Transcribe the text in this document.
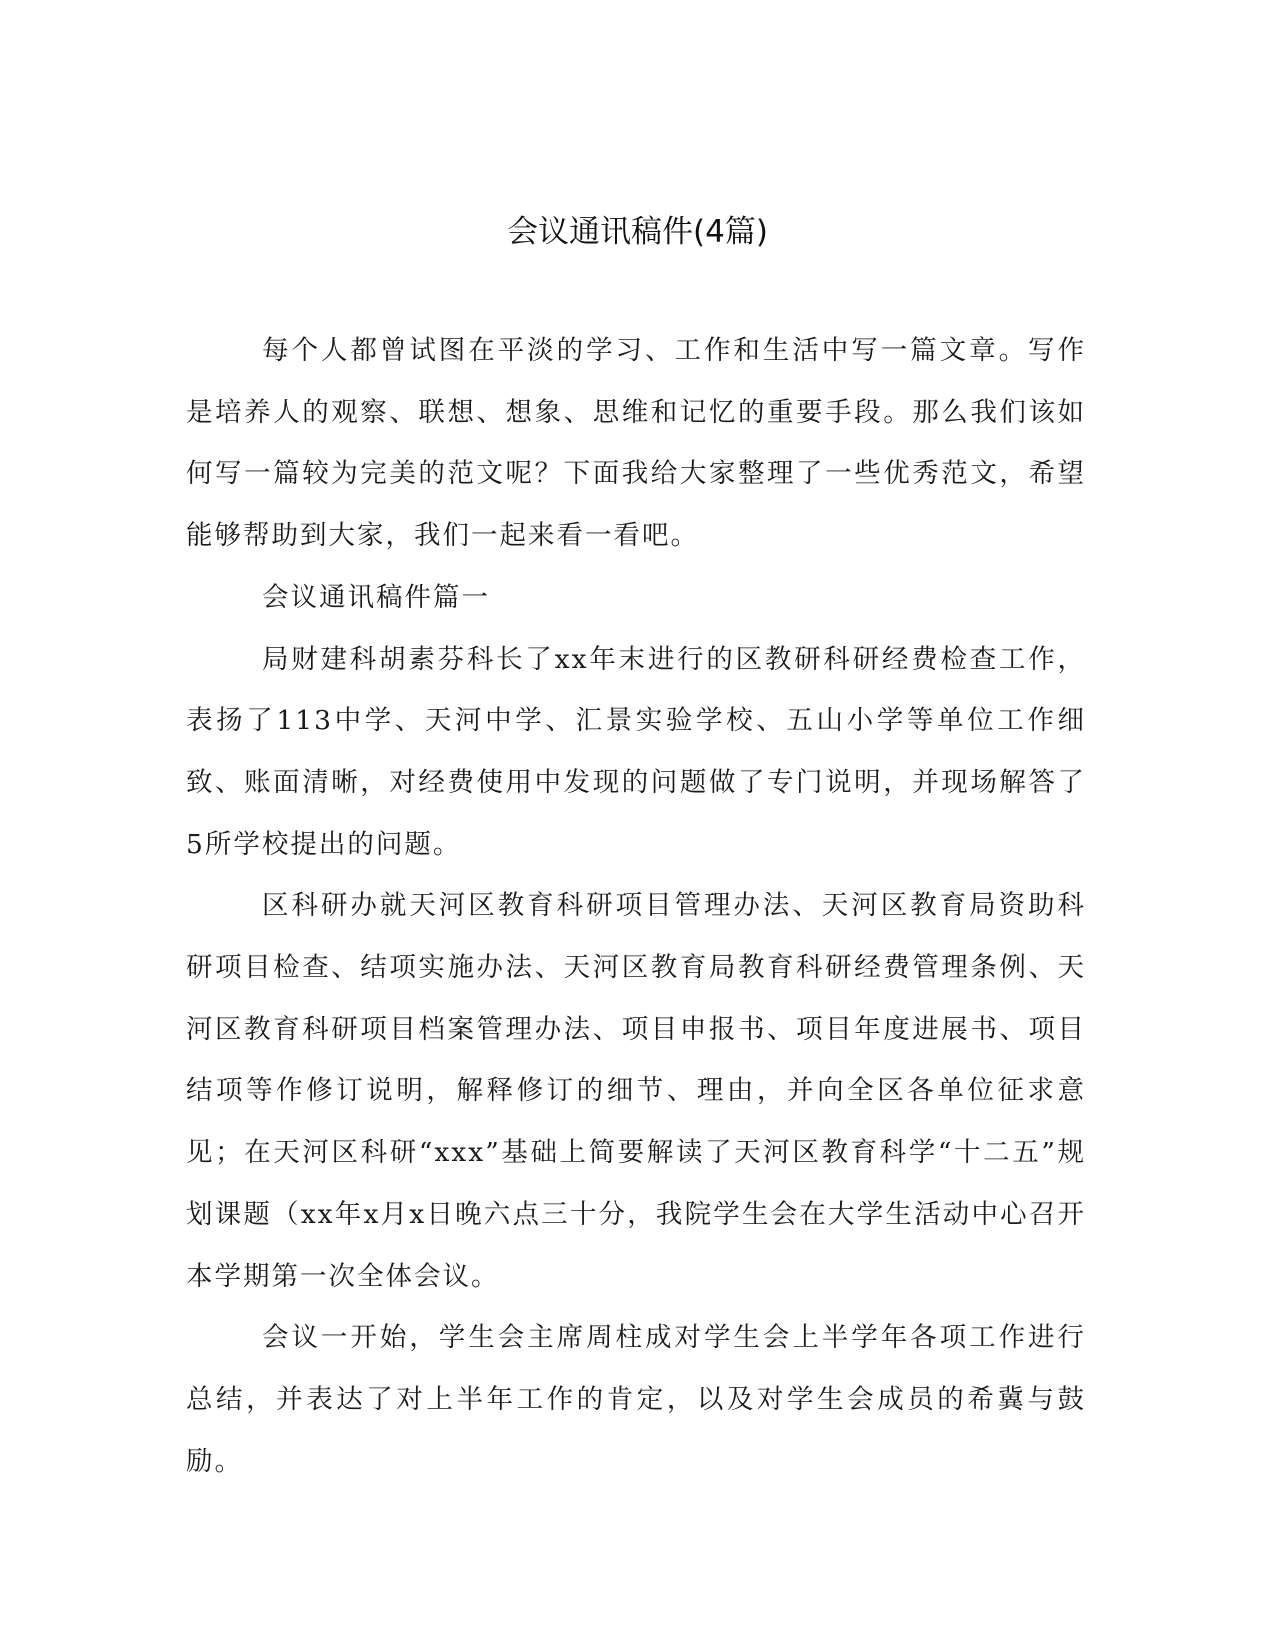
会议通讯稿件(4篇)

每个人都曾试图在平淡的学习、工作和生活中写一篇文章。写作是培养人的观察、联想、想象、思维和记忆的重要手段。那么我们该如何写一篇较为完美的范文呢？下面我给大家整理了一些优秀范文，希望能够帮助到大家，我们一起来看一看吧。

会议通讯稿件篇一

局财建科胡素芬科长了xx年末进行的区教研科研经费检查工作，表扬了113中学、天河中学、汇景实验学校、五山小学等单位工作细致、账面清晰，对经费使用中发现的问题做了专门说明，并现场解答了5所学校提出的问题。

区科研办就天河区教育科研项目管理办法、天河区教育局资助科研项目检查、结项实施办法、天河区教育局教育科研经费管理条例、天河区教育科研项目档案管理办法、项目申报书、项目年度进展书、项目结项等作修订说明，解释修订的细节、理由，并向全区各单位征求意见；在天河区科研“xxx”基础上简要解读了天河区教育科学“十二五”规划课题（xx年x月x日晚六点三十分，我院学生会在大学生活动中心召开本学期第一次全体会议。

会议一开始，学生会主席周柱成对学生会上半学年各项工作进行总结，并表达了对上半年工作的肯定，以及对学生会成员的希冀与鼓励。
